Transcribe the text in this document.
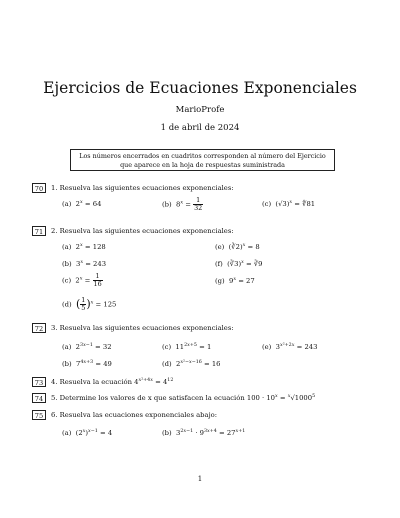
Ejercicios de Ecuaciones Exponenciales
MarioProfe
1 de abril de 2024
Los números encerrados en cuadritos corresponden al número del Ejercicio
que aparece en la hoja de respuestas suministrada
70	1. Resuelva las siguientes ecuaciones exponenciales:
(a)  $2^x = 64$	(b)  $8^x = \frac{1}{32}$	(c)  $(√3)^x$ = ∜81
71	2. Resuelva las siguientes ecuaciones exponenciales:
(a)  $2^x = 128$	(e)  (∛2)$^x$ = 8
(b)  $3^x = 243$	(f)  (∛3)$^x$ = ∛9
(c)  $2^x = \frac{1}{16}$	(g)  $9^x = 27$
(d)  ( $\frac{1}{5} )^x = 125$
72	3. Resuelva las siguientes ecuaciones exponenciales:
(a)  $2^{3x-1} = 32$	(c)  $11^{2x+5} = 1$	(e)  $3^{x^2+2x} = 243$
(b)  $7^{4x+3} = 49$	(d)  $2^{x^2-x-16} = 16$
73	4. Resuelva la ecuación $4^{x^2+4x} = 4^{12}$
74	5. Determine los valores de x que satisfacen la ecuación $100 \cdot 10^x = ^x√1000^5$
75	6. Resuelva las ecuaciones exponenciales abajo:
(a)  $(2^x)^{x-1} = 4$	(b)  $3^{2x-1} \cdot 9^{3x+4} = 27^{x+1}$
1
